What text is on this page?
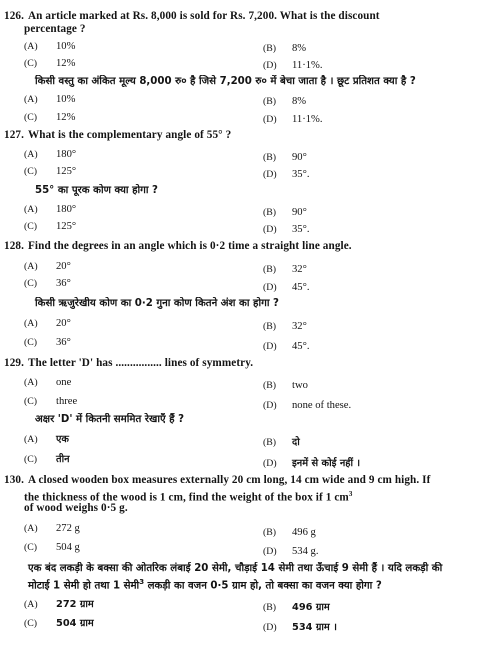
126. An article marked at Rs. 8,000 is sold for Rs. 7,200. What is the discount
percentage ?
(A) 10%	(B) 8%
(C) 12%	(D) 11·1%.
किसी वस्तु का अंकित मूल्य 8,000 रु० है जिसे 7,200 रु० में बेचा जाता है । छूट प्रतिशत क्या है ?
(A) 10%	(B) 8%
(C) 12%	(D) 11·1%.
127. What is the complementary angle of 55° ?
(A) 180°	(B) 90°
(C) 125°	(D) 35°.
55° का पूरक कोण क्या होगा ?
(A) 180°	(B) 90°
(C) 125°	(D) 35°.
128. Find the degrees in an angle which is 0·2 time a straight line angle.
(A) 20°	(B) 32°
(C) 36°	(D) 45°.
किसी ऋजुरेखीय कोण का 0·2 गुना कोण कितने अंश का होगा ?
(A) 20°	(B) 32°
(C) 36°	(D) 45°.
129. The letter 'D' has ................ lines of symmetry.
(A) one	(B) two
(C) three	(D) none of these.
अक्षर 'D' में कितनी सममित रेखाएँ हैं ?
(A) एक	(B) दो
(C) तीन	(D) इनमें से कोई नहीं ।
130. A closed wooden box measures externally 20 cm long, 14 cm wide and 9 cm high. If
the thickness of the wood is 1 cm, find the weight of the box if 1 $cm^3$
of wood weighs 0·5 g.
(A) 272 g	(B) 496 g
(C) 504 g	(D) 534 g.
एक बंद लकड़ी के बक्सा की ओतरिक लंबाई 20 सेमी, चौड़ाई 14 सेमी तथा ऊँचाई 9 सेमी हैं । यदि लकड़ी की
मोटाई 1 सेमी हो तथा 1 सेमी$^3$ लकड़ी का वजन 0·5 ग्राम हो, तो बक्सा का वजन क्या होगा ?
(A) 272 ग्राम	(B) 496 ग्राम
(C) 504 ग्राम	(D) 534 ग्राम ।
